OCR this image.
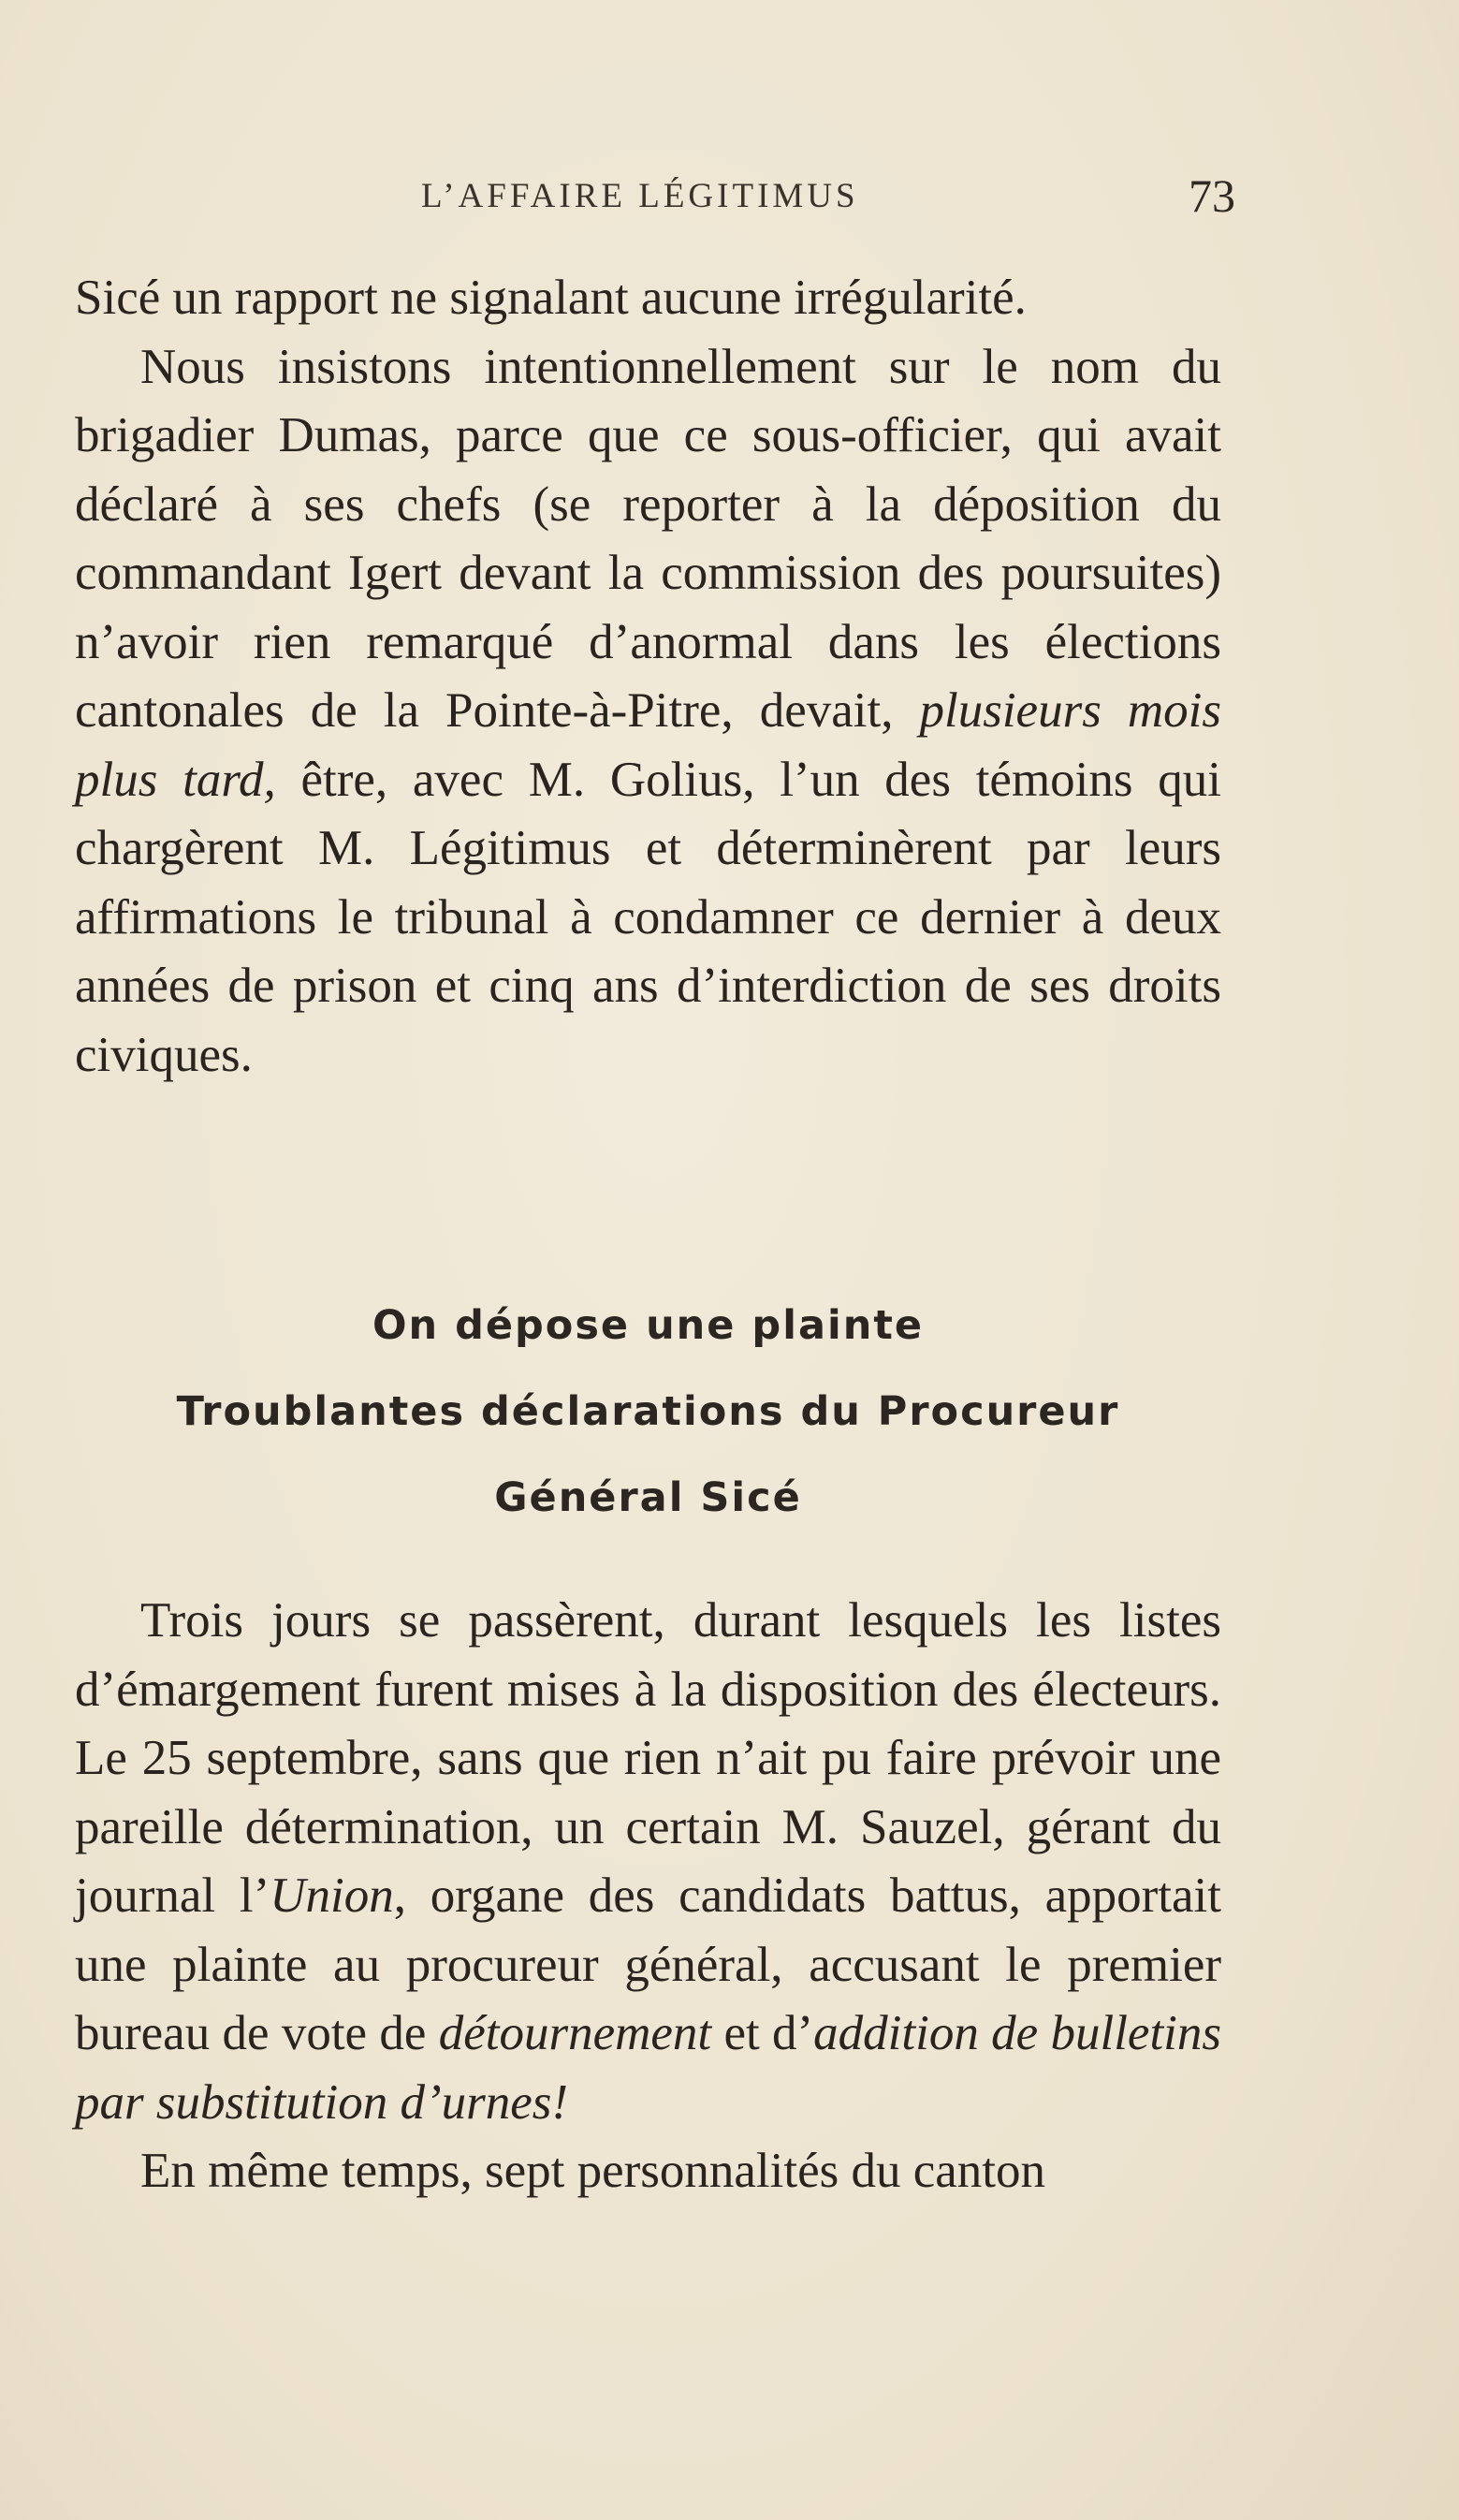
L’AFFAIRE LÉGITIMUS	73

Sicé un rapport ne signalant aucune irrégularité.

Nous insistons intentionnellement sur le nom du brigadier Dumas, parce que ce sous-officier, qui avait déclaré à ses chefs (se reporter à la déposition du commandant Igert devant la commission des poursuites) n’avoir rien remarqué d’anormal dans les élections cantonales de la Pointe-à-Pitre, devait, plusieurs mois plus tard, être, avec M. Golius, l’un des témoins qui chargèrent M. Légitimus et déterminèrent par leurs affirmations le tribunal à condamner ce dernier à deux années de prison et cinq ans d’interdiction de ses droits civiques.

On dépose une plainte
Troublantes déclarations du Procureur
Général Sicé

Trois jours se passèrent, durant lesquels les listes d’émargement furent mises à la disposition des électeurs. Le 25 septembre, sans que rien n’ait pu faire prévoir une pareille détermination, un certain M. Sauzel, gérant du journal l’Union, organe des candidats battus, apportait une plainte au procureur général, accusant le premier bureau de vote de détournement et d’addition de bulletins par substitution d’urnes!

En même temps, sept personnalités du canton
